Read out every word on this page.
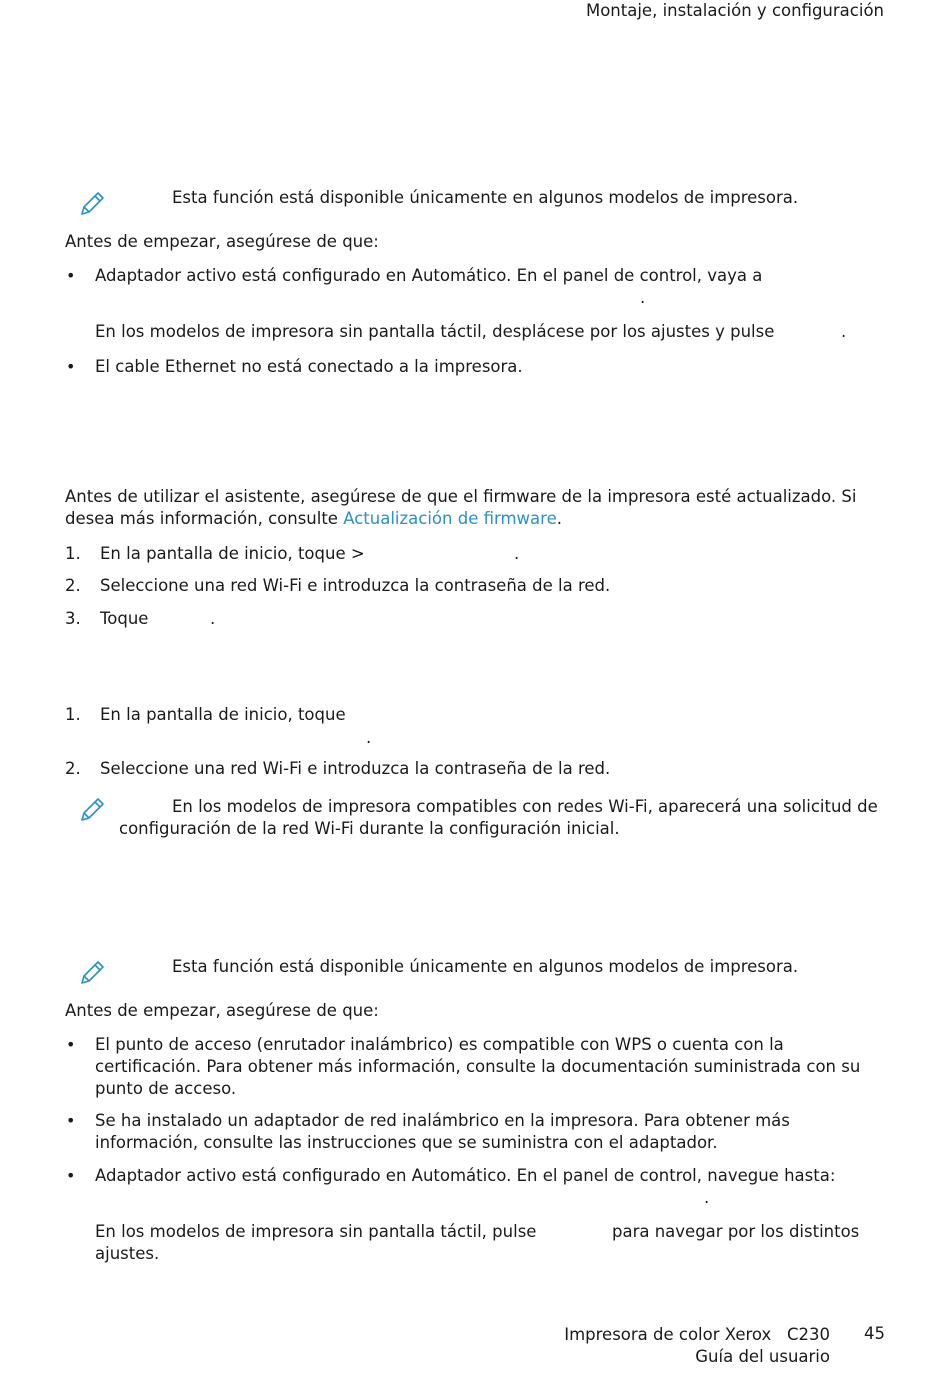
Montaje, instalación y configuración
Esta función está disponible únicamente en algunos modelos de impresora.
Antes de empezar, asegúrese de que:
• Adaptador activo está configurado en Automático. En el panel de control, vaya a
.
En los modelos de impresora sin pantalla táctil, desplácese por los ajustes y pulse	.
• El cable Ethernet no está conectado a la impresora.
Antes de utilizar el asistente, asegúrese de que el firmware de la impresora esté actualizado. Si
desea más información, consulte Actualización de firmware.
1. En la pantalla de inicio, toque >	.
2. Seleccione una red Wi-Fi e introduzca la contraseña de la red.
3. Toque	.
1. En la pantalla de inicio, toque
.
2. Seleccione una red Wi-Fi e introduzca la contraseña de la red.
En los modelos de impresora compatibles con redes Wi-Fi, aparecerá una solicitud de
configuración de la red Wi-Fi durante la configuración inicial.
Esta función está disponible únicamente en algunos modelos de impresora.
Antes de empezar, asegúrese de que:
• El punto de acceso (enrutador inalámbrico) es compatible con WPS o cuenta con la certificación. Para obtener más información, consulte la documentación suministrada con su punto de acceso.
• Se ha instalado un adaptador de red inalámbrico en la impresora. Para obtener más información, consulte las instrucciones que se suministra con el adaptador.
• Adaptador activo está configurado en Automático. En el panel de control, navegue hasta:
.
En los modelos de impresora sin pantalla táctil, pulse	para navegar por los distintos
ajustes.
Impresora de color Xerox   C230
Guía del usuario
45
